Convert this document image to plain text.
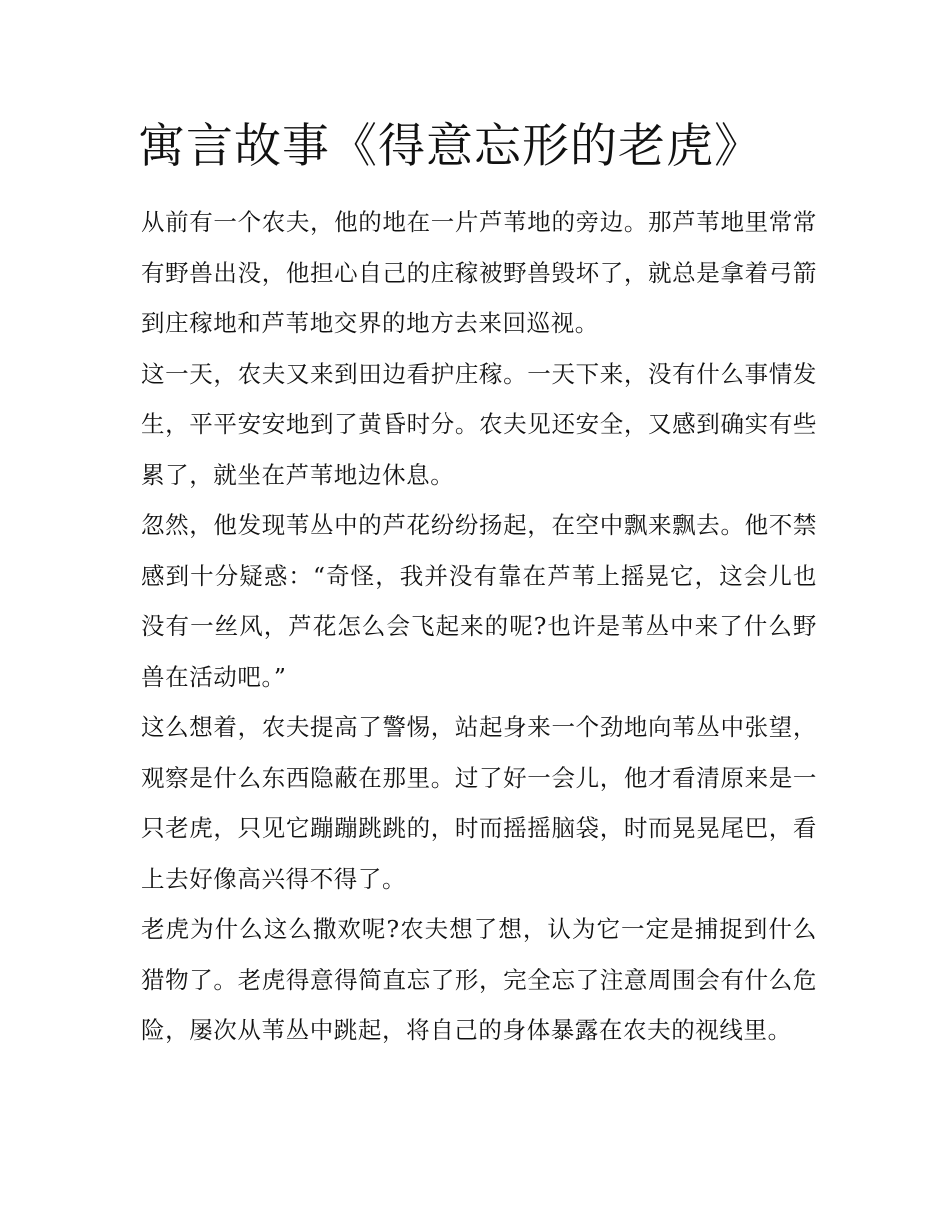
寓言故事《得意忘形的老虎》

从前有一个农夫，他的地在一片芦苇地的旁边。那芦苇地里常常有野兽出没，他担心自己的庄稼被野兽毁坏了，就总是拿着弓箭到庄稼地和芦苇地交界的地方去来回巡视。

这一天，农夫又来到田边看护庄稼。一天下来，没有什么事情发生，平平安安地到了黄昏时分。农夫见还安全，又感到确实有些累了，就坐在芦苇地边休息。

忽然，他发现苇丛中的芦花纷纷扬起，在空中飘来飘去。他不禁感到十分疑惑：“奇怪，我并没有靠在芦苇上摇晃它，这会儿也没有一丝风，芦花怎么会飞起来的呢?也许是苇丛中来了什么野兽在活动吧。”

这么想着，农夫提高了警惕，站起身来一个劲地向苇丛中张望，观察是什么东西隐蔽在那里。过了好一会儿，他才看清原来是一只老虎，只见它蹦蹦跳跳的，时而摇摇脑袋，时而晃晃尾巴，看上去好像高兴得不得了。

老虎为什么这么撒欢呢?农夫想了想，认为它一定是捕捉到什么猎物了。老虎得意得简直忘了形，完全忘了注意周围会有什么危险，屡次从苇丛中跳起，将自己的身体暴露在农夫的视线里。
